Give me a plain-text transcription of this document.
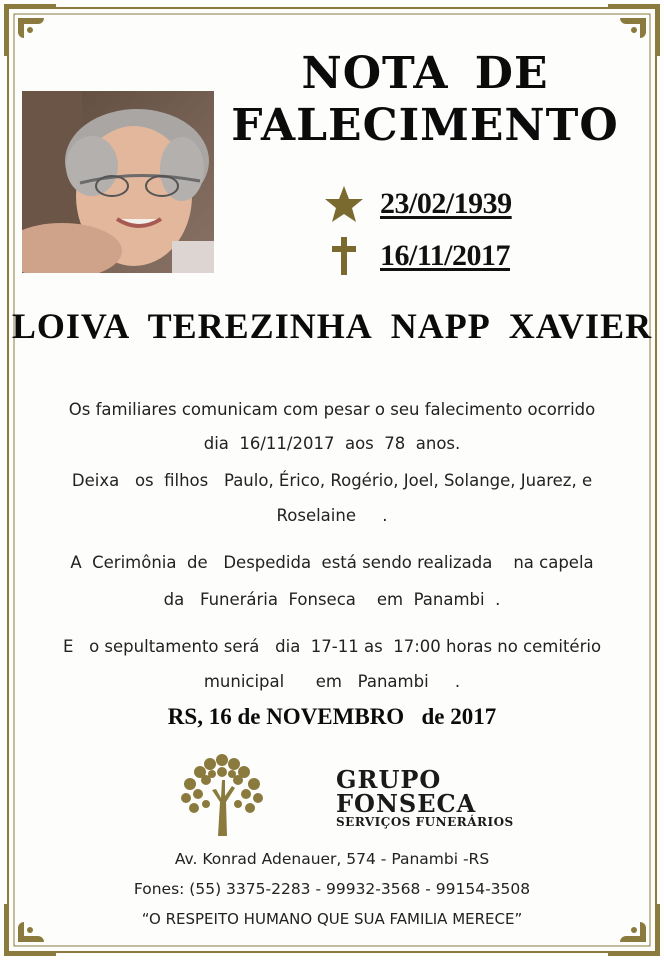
NOTA DE
FALECIMENTO
23/02/1939
16/11/2017
LOIVA TEREZINHA NAPP XAVIER
Os familiares comunicam com pesar o seu falecimento ocorrido
dia  16/11/2017  aos  78  anos.
Deixa   os  filhos   Paulo, Érico, Rogério, Joel, Solange, Juarez, e
Roselaine     .
A  Cerimônia  de   Despedida  está sendo realizada    na capela
da   Funerária  Fonseca    em  Panambi  .
E   o sepultamento será   dia  17-11 as  17:00 horas no cemitério
municipal      em   Panambi     .
RS, 16 de NOVEMBRO   de 2017
GRUPO
FONSECA
SERVIÇOS FUNERÁRIOS
Av. Konrad Adenauer, 574 - Panambi -RS
Fones: (55) 3375-2283 - 99932-3568 - 99154-3508
“O RESPEITO HUMANO QUE SUA FAMILIA MERECE”
